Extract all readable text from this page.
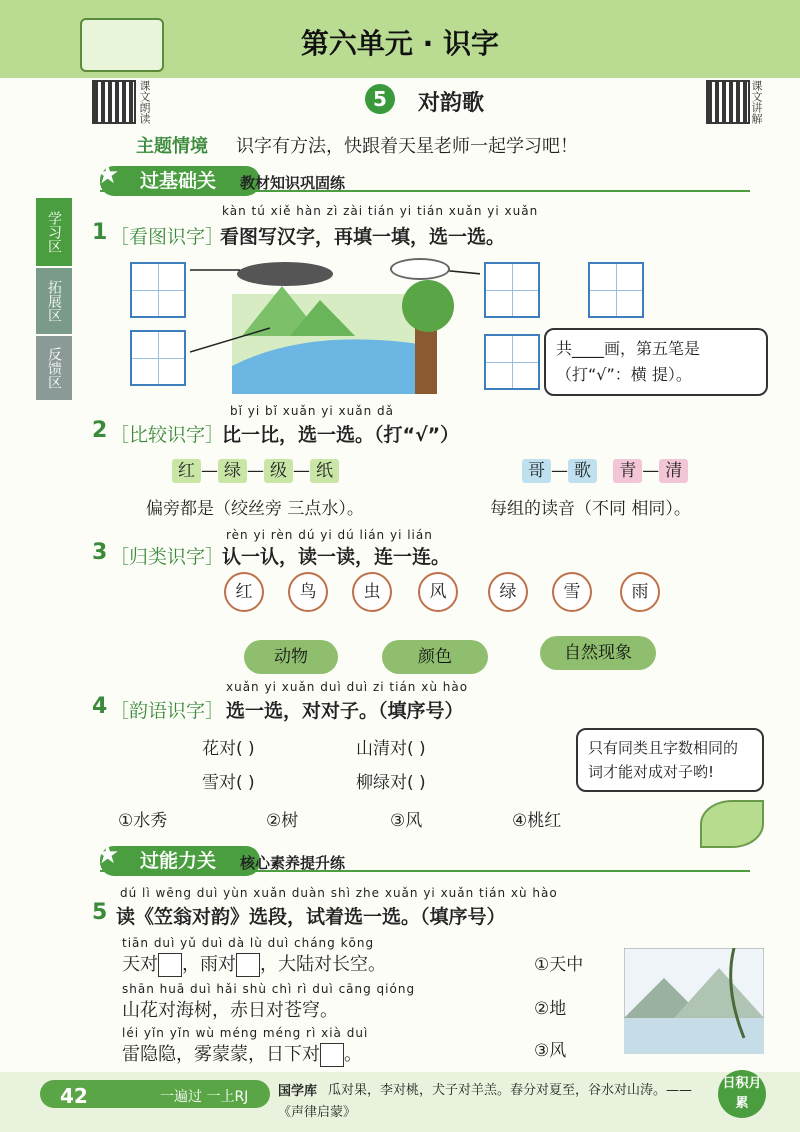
第六单元 · 识字
课文朗读	课文讲解
5	对韵歌
主题情境 识字有方法，快跟着天星老师一起学习吧！
过基础关
★	教材知识巩固练
学习区
拓展区
反馈区
kàn tú xiě hàn zì zài tián yi tián xuǎn yi xuǎn
1 ［看图识字］
看图写汉字，再填一填，选一选。
共____画，第五笔是
（打“√”：横 提）。
bǐ yi bǐ xuǎn yi xuǎn dǎ
2 ［比较识字］
比一比，选一选。（打“√”）
红 — 绿 — 级 — 纸	哥 — 歌 青 — 清
偏旁都是（绞丝旁 三点水）。	每组的读音（不同 相同）。
rèn yi rèn dú yi dú lián yi lián
3 ［归类识字］
认一认，读一读，连一连。
红	鸟	虫	风	绿	雪	雨
动物	颜色	自然现象
xuǎn yi xuǎn duì duì zi tián xù hào
4 ［韵语识字］ 选一选，对对子。（填序号）
花对( )	山清对( )
雪对( )	柳绿对( )
①水秀	②树	③风	④桃红
只有同类且字数相同的词才能对成对子哟!
过能力关
★	核心素养提升练
dú lì wēng duì yùn xuǎn duàn shì zhe xuǎn yi xuǎn tián xù hào
5 读《笠翁对韵》选段，试着选一选。（填序号）
tiān duì yǔ duì dà lù duì cháng kōng
天对 ，雨对 ，大陆对长空。
shān huā duì hǎi shù chì rì duì cāng qióng
山花对海树，赤日对苍穹。
léi yǐn yǐn wù méng méng rì xià duì
雷隐隐，雾蒙蒙，日下对 。
①天中
②地
③风
42	一遍过 一上RJ 国学库 瓜对果，李对桃，犬子对羊羔。春分对夏至，谷水对山涛。——《声律启蒙》
日积月累
